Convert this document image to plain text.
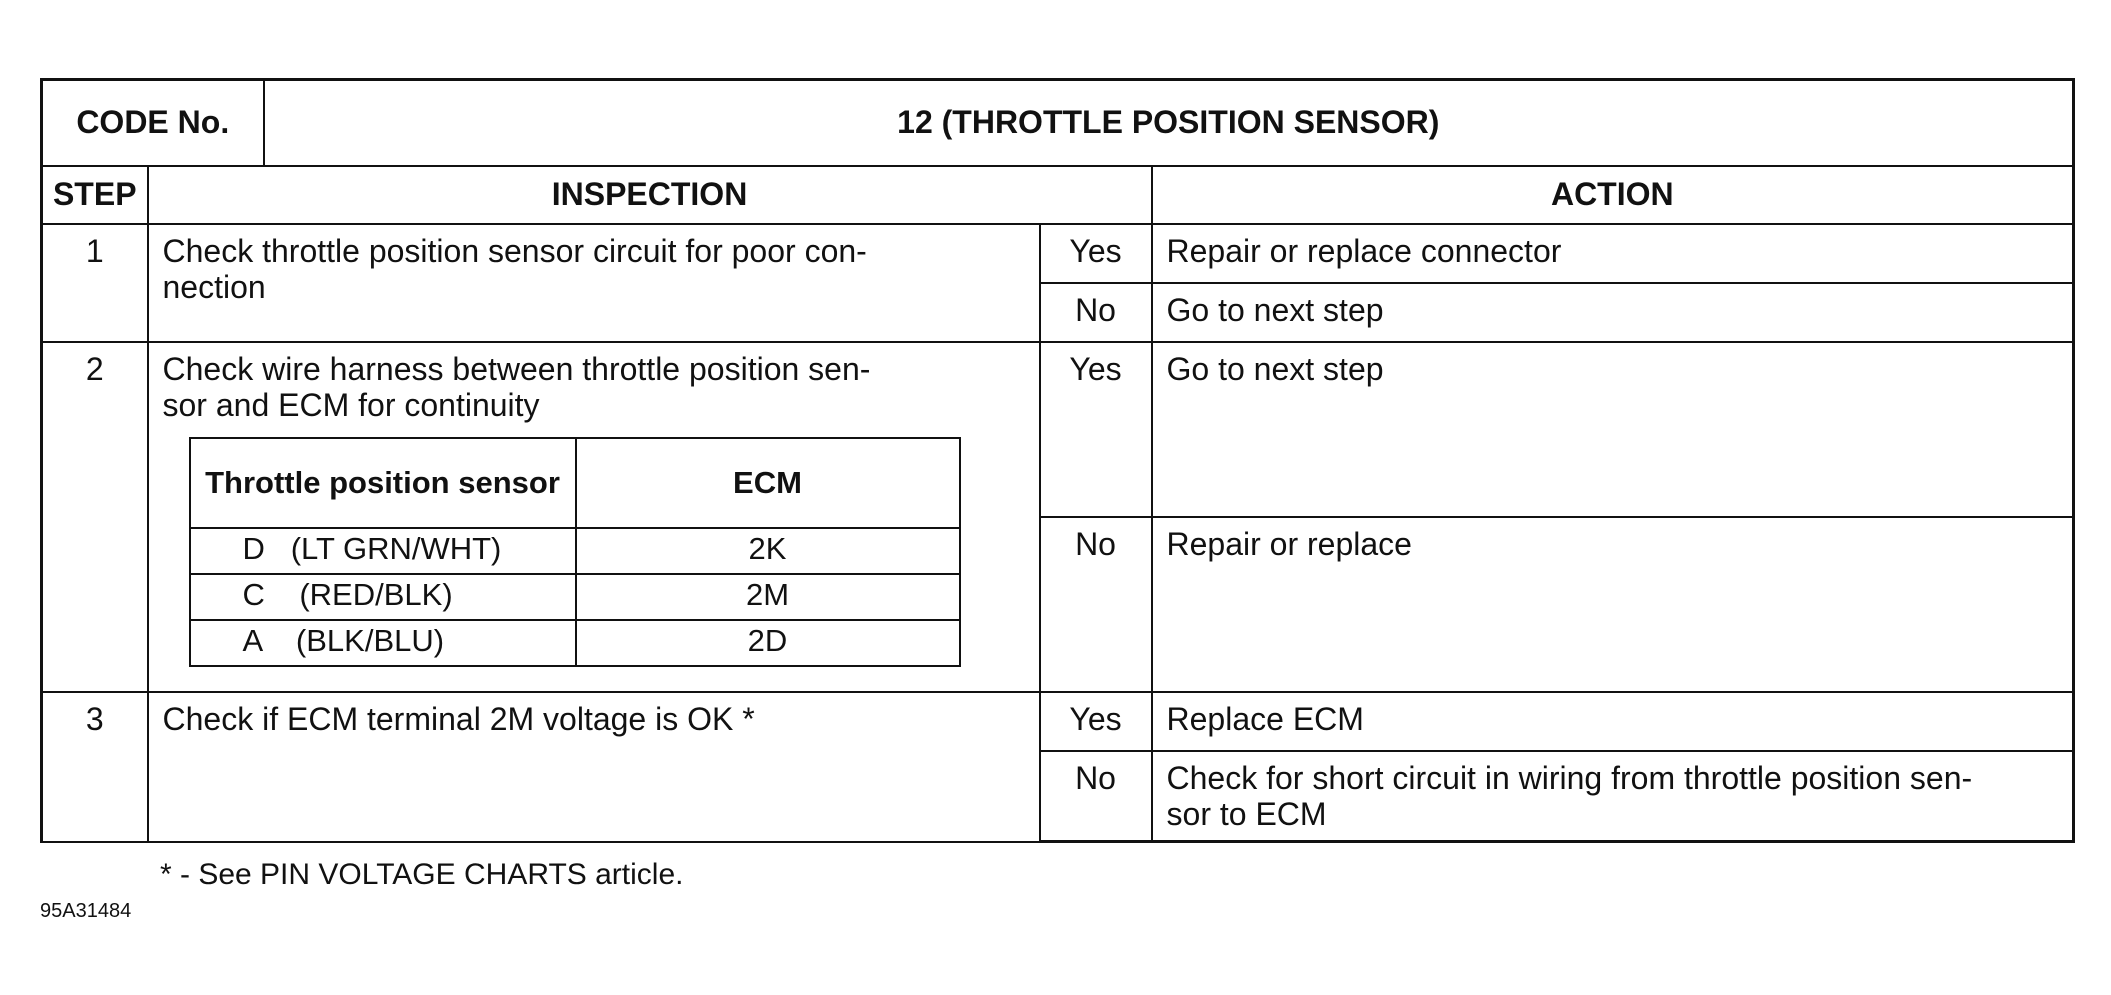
CODE No.	12 (THROTTLE POSITION SENSOR)
STEP	INSPECTION	ACTION
1	Check throttle position sensor circuit for poor con-
nection
	Yes	Repair or replace connector
No	Go to next step
2	Check wire harness between throttle position sen-
sor and ECM for continuity
Throttle position sensor	ECM
D   (LT GRN/WHT)	2K
C    (RED/BLK)	2M
A    (BLK/BLU)	2D
	Yes	Go to next step
No	Repair or replace
3	Check if ECM terminal 2M voltage is OK *	Yes	Replace ECM
No	Check for short circuit in wiring from throttle position sen-
sor to ECM
* - See PIN VOLTAGE CHARTS article.
95A31484
